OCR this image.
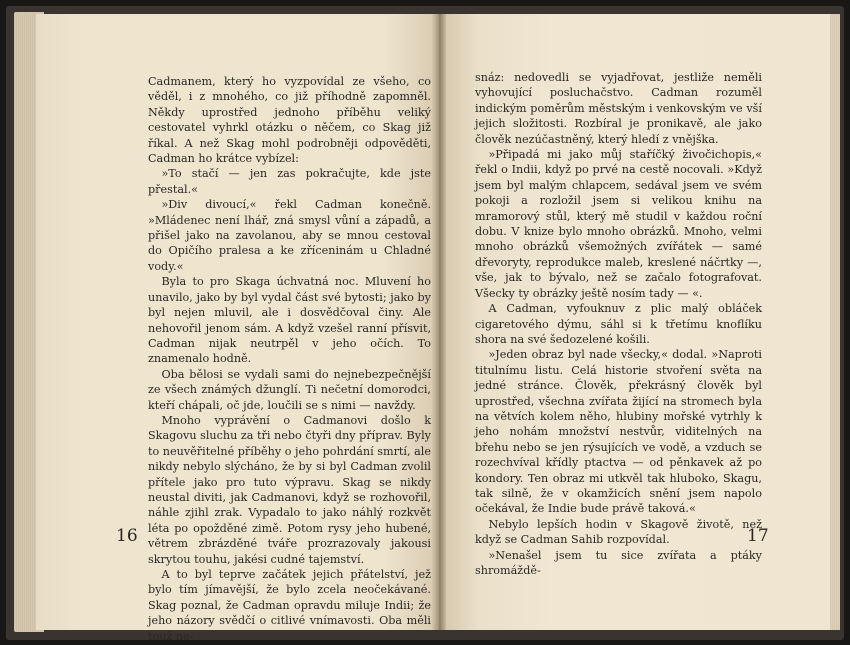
Cadmanem, který ho vyzpovídal ze všeho, co věděl, i z mnohého, co již příhodně zapomněl. Někdy uprostřed jednoho příběhu veliký cestovatel vyhrkl otázku o něčem, co Skag již říkal. A než Skag mohl podrobněji odpověděti, Cadman ho krátce vybízel:

»To stačí — jen zas pokračujte, kde jste přestal.«

»Div divoucí,« řekl Cadman konečně. »Mládenec není lhář, zná smysl vůní a západů, a přišel jako na zavolanou, aby se mnou cestoval do Opičího pralesa a ke zříceninám u Chladné vody.«

Byla to pro Skaga úchvatná noc. Mluvení ho unavilo, jako by byl vydal část své bytosti; jako by byl nejen mluvil, ale i dosvědčoval činy. Ale nehovořil jenom sám. A když vzešel ranní přísvit, Cadman nijak neutrpěl v jeho očích. To znamenalo hodně.

Oba bělosi se vydali sami do nejnebezpečnější ze všech známých džunglí. Ti nečetní domorodci, kteří chápali, oč jde, loučili se s nimi — navždy.

Mnoho vyprávění o Cadmanovi došlo k Skagovu sluchu za tři nebo čtyři dny příprav. Byly to neuvěřitelné příběhy o jeho pohrdání smrtí, ale nikdy nebylo slýcháno, že by si byl Cadman zvolil přítele jako pro tuto výpravu. Skag se nikdy neustal diviti, jak Cadmanovi, když se rozhovořil, náhle zjihl zrak. Vypadalo to jako náhlý rozkvět léta po opožděné zimě. Potom rysy jeho hubené, větrem zbrázděné tváře prozrazovaly jakousi skrytou touhu, jakési cudné tajemství.

A to byl teprve začátek jejich přátelství, jež bylo tím jímavější, že bylo zcela neočekávané. Skag poznal, že Cadman opravdu miluje Indii; že jeho názory svědčí o citlivé vnímavosti. Oba měli touž ne-

16

snáz: nedovedli se vyjadřovat, jestliže neměli vyhovující posluchačstvo. Cadman rozuměl indickým poměrům městským i venkovským ve vší jejich složitosti. Rozbíral je pronikavě, ale jako člověk nezúčastněný, který hledí z vnějška.

»Připadá mi jako můj staříčký živočichopis,« řekl o Indii, když po prvé na cestě nocovali. »Když jsem byl malým chlapcem, sedával jsem ve svém pokoji a rozložil jsem si velikou knihu na mramorový stůl, který mě studil v každou roční dobu. V knize bylo mnoho obrázků. Mnoho, velmi mnoho obrázků všemožných zvířátek — samé dřevoryty, reprodukce maleb, kreslené náčrtky —, vše, jak to bývalo, než se začalo fotografovat. Všecky ty obrázky ještě nosím tady — «.

A Cadman, vyfouknuv z plic malý obláček cigaretového dýmu, sáhl si k třetímu knoflíku shora na své šedozelené košili.

»Jeden obraz byl nade všecky,« dodal. »Naproti titulnímu listu. Celá historie stvoření světa na jedné stránce. Člověk, překrásný člověk byl uprostřed, všechna zvířata žijící na stromech byla na větvích kolem něho, hlubiny mořské vytrhly k jeho nohám množství nestvůr, viditelných na břehu nebo se jen rýsujících ve vodě, a vzduch se rozechvíval křídly ptactva — od pěnkavek až po kondory. Ten obraz mi utkvěl tak hluboko, Skagu, tak silně, že v okamžicích snění jsem napolo očekával, že Indie bude právě taková.«

Nebylo lepších hodin v Skagově životě, než když se Cadman Sahib rozpovídal.

»Nenašel jsem tu sice zvířata a ptáky shromáždě-

17
